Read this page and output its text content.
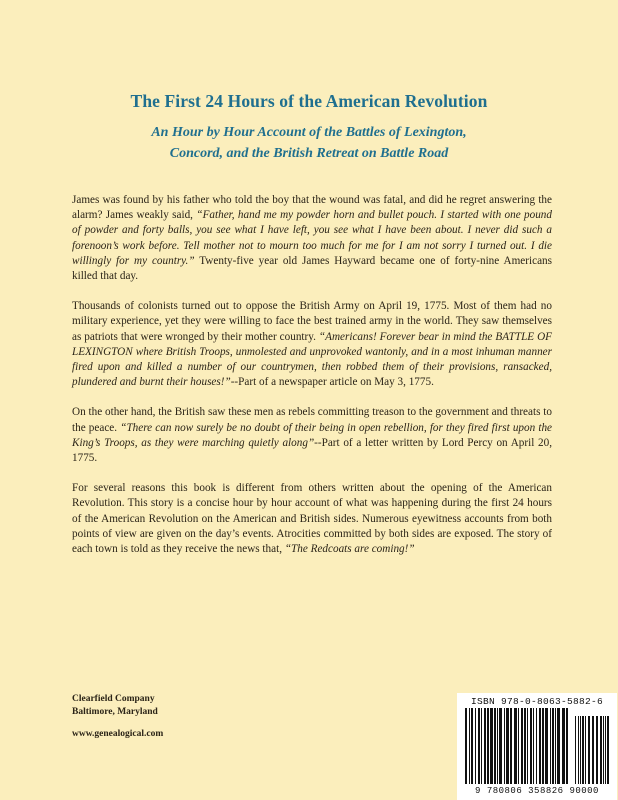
The First 24 Hours of the American Revolution
An Hour by Hour Account of the Battles of Lexington,
Concord, and the British Retreat on Battle Road

James was found by his father who told the boy that the wound was fatal, and did he regret answering the alarm? James weakly said, “Father, hand me my powder horn and bullet pouch. I started with one pound of powder and forty balls, you see what I have left, you see what I have been about. I never did such a forenoon’s work before. Tell mother not to mourn too much for me for I am not sorry I turned out. I die willingly for my country.” Twenty-five year old James Hayward became one of forty-nine Americans killed that day.

Thousands of colonists turned out to oppose the British Army on April 19, 1775. Most of them had no military experience, yet they were willing to face the best trained army in the world. They saw themselves as patriots that were wronged by their mother country. “Americans! Forever bear in mind the BATTLE OF LEXINGTON where British Troops, unmolested and unprovoked wantonly, and in a most inhuman manner fired upon and killed a number of our countrymen, then robbed them of their provisions, ransacked, plundered and burnt their houses!”--Part of a newspaper article on May 3, 1775.

On the other hand, the British saw these men as rebels committing treason to the government and threats to the peace. “There can now surely be no doubt of their being in open rebellion, for they fired first upon the King’s Troops, as they were marching quietly along”--Part of a letter written by Lord Percy on April 20, 1775.

For several reasons this book is different from others written about the opening of the American Revolution. This story is a concise hour by hour account of what was happening during the first 24 hours of the American Revolution on the American and British sides. Numerous eyewitness accounts from both points of view are given on the day’s events. Atrocities committed by both sides are exposed. The story of each town is told as they receive the news that, “The Redcoats are coming!”

Clearfield Company
Baltimore, Maryland
www.genealogical.com
ISBN 978-0-8063-5882-6
9 780806 358826 90000
